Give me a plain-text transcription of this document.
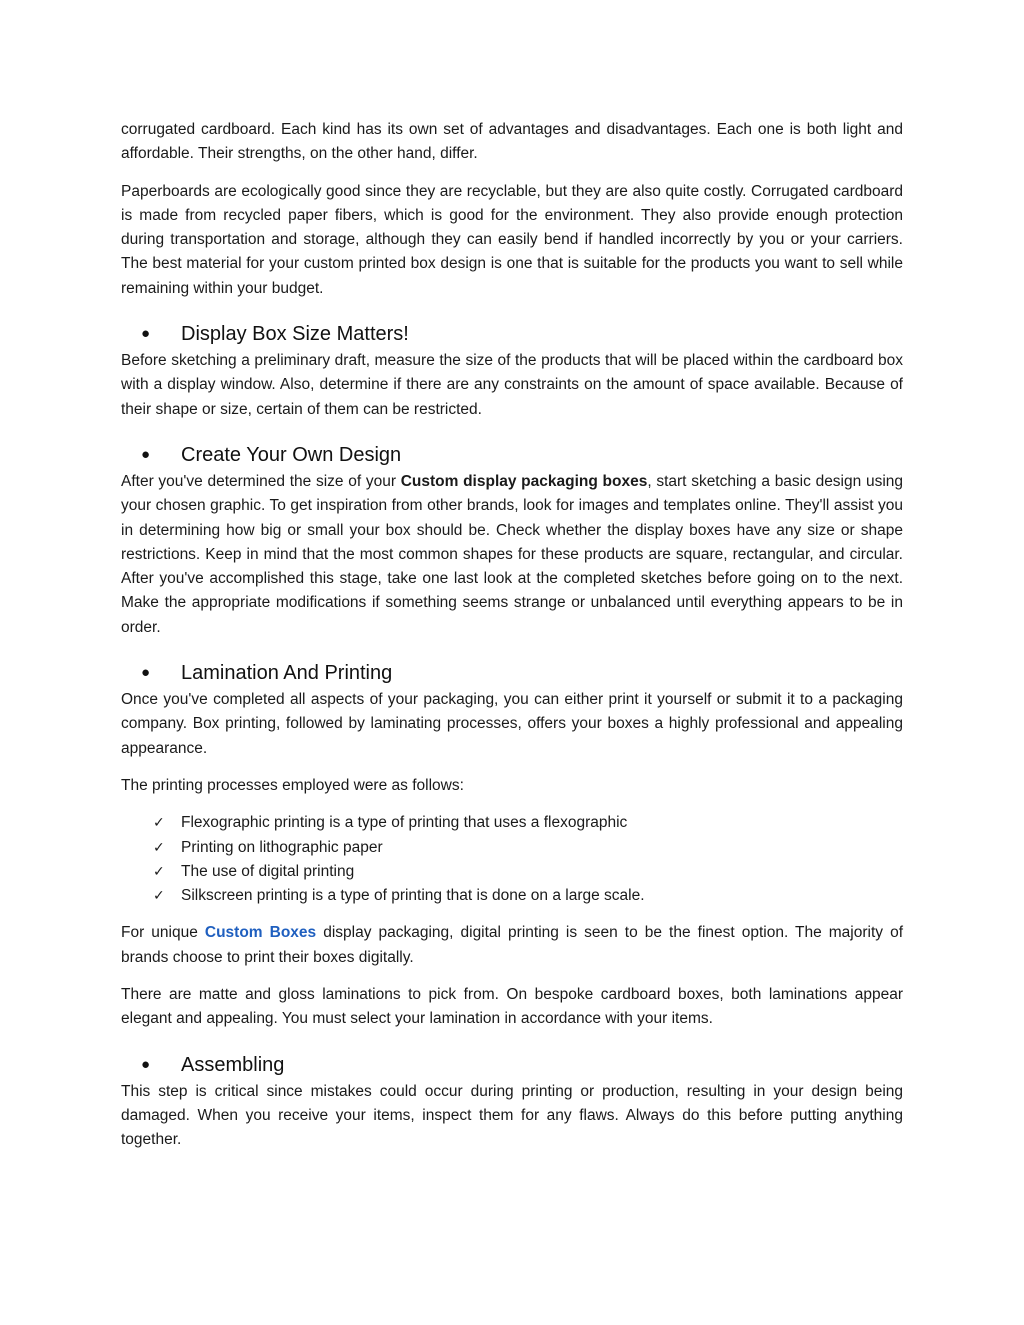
corrugated cardboard. Each kind has its own set of advantages and disadvantages. Each one is both light and affordable. Their strengths, on the other hand, differ.

Paperboards are ecologically good since they are recyclable, but they are also quite costly. Corrugated cardboard is made from recycled paper fibers, which is good for the environment. They also provide enough protection during transportation and storage, although they can easily bend if handled incorrectly by you or your carriers. The best material for your custom printed box design is one that is suitable for the products you want to sell while remaining within your budget.

●
Display Box Size Matters!

Before sketching a preliminary draft, measure the size of the products that will be placed within the cardboard box with a display window. Also, determine if there are any constraints on the amount of space available. Because of their shape or size, certain of them can be restricted.

●
Create Your Own Design

After you've determined the size of your Custom display packaging boxes, start sketching a basic design using your chosen graphic. To get inspiration from other brands, look for images and templates online. They'll assist you in determining how big or small your box should be. Check whether the display boxes have any size or shape restrictions. Keep in mind that the most common shapes for these products are square, rectangular, and circular. After you've accomplished this stage, take one last look at the completed sketches before going on to the next. Make the appropriate modifications if something seems strange or unbalanced until everything appears to be in order.

●
Lamination And Printing

Once you've completed all aspects of your packaging, you can either print it yourself or submit it to a packaging company. Box printing, followed by laminating processes, offers your boxes a highly professional and appealing appearance.

The printing processes employed were as follows:

✓	Flexographic printing is a type of printing that uses a flexographic
✓	Printing on lithographic paper
✓	The use of digital printing
✓	Silkscreen printing is a type of printing that is done on a large scale.

For unique Custom Boxes display packaging, digital printing is seen to be the finest option. The majority of brands choose to print their boxes digitally.

There are matte and gloss laminations to pick from. On bespoke cardboard boxes, both laminations appear elegant and appealing. You must select your lamination in accordance with your items.

●
Assembling

This step is critical since mistakes could occur during printing or production, resulting in your design being damaged. When you receive your items, inspect them for any flaws. Always do this before putting anything together.
